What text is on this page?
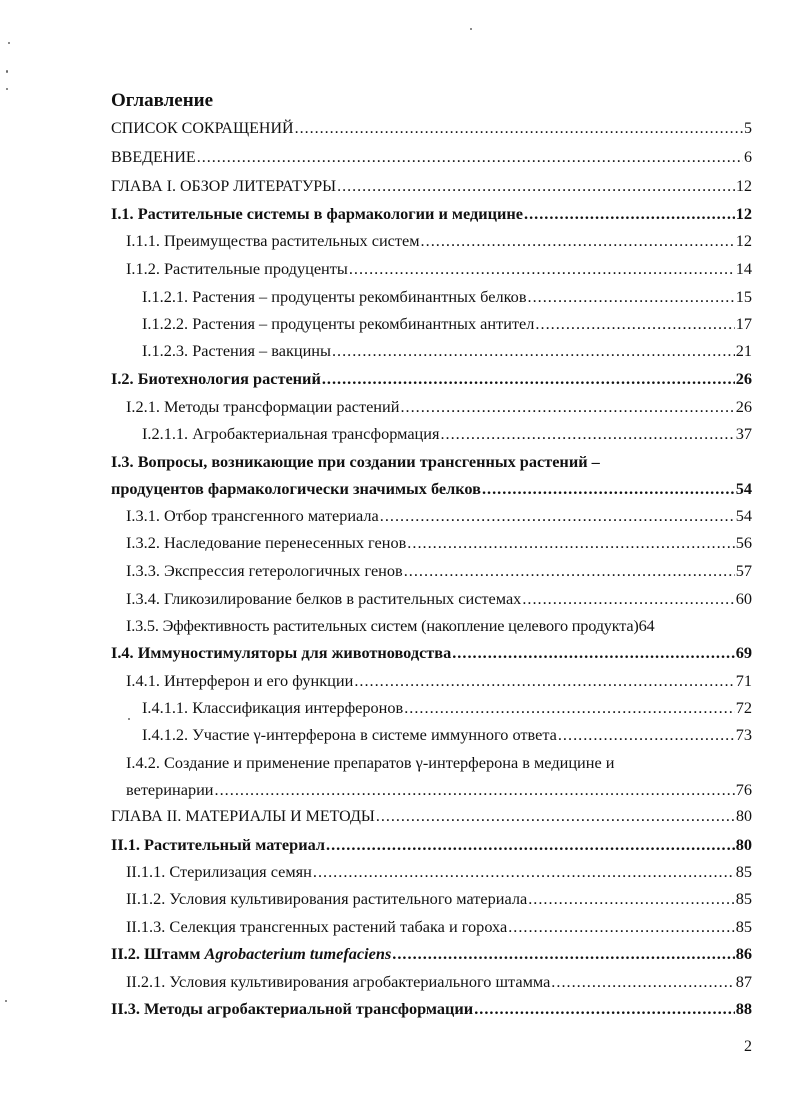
Оглавление
СПИСОК СОКРАЩЕНИЙ .....	5
ВВЕДЕНИЕ .....	6
ГЛАВА I. ОБЗОР ЛИТЕРАТУРЫ .....	12
I.1. Растительные системы в фармакологии и медицине .....	12
I.1.1. Преимущества растительных систем .....	12
I.1.2. Растительные продуценты .....	14
I.1.2.1. Растения – продуценты рекомбинантных белков .....	15
I.1.2.2. Растения – продуценты рекомбинантных антител .....	17
I.1.2.3. Растения – вакцины .....	21
I.2. Биотехнология растений .....	26
I.2.1. Методы трансформации растений .....	26
I.2.1.1. Агробактериальная трансформация .....	37
I.3. Вопросы, возникающие при создании трансгенных растений –
продуцентов фармакологически значимых белков .....	54
I.3.1. Отбор трансгенного материала .....	54
I.3.2. Наследование перенесенных генов .....	56
I.3.3. Экспрессия гетерологичных генов .....	57
I.3.4. Гликозилирование белков в растительных системах .....	60
I.3.5. Эффективность растительных систем (накопление целевого продукта) 64
I.4. Иммуностимуляторы для животноводства .....	69
I.4.1. Интерферон и его функции .....	71
I.4.1.1. Классификация интерферонов .....	72
I.4.1.2. Участие γ-интерферона в системе иммунного ответа .....	73
I.4.2. Создание и применение препаратов γ-интерферона в медицине и
ветеринарии .....	76
ГЛАВА II. МАТЕРИАЛЫ И МЕТОДЫ .....	80
II.1. Растительный материал .....	80
II.1.1. Стерилизация семян .....	85
II.1.2. Условия культивирования растительного материала .....	85
II.1.3. Селекция трансгенных растений табака и гороха .....	85
II.2. Штамм Agrobacterium tumefaciens .....	86
II.2.1. Условия культивирования агробактериального штамма .....	87
II.3. Методы агробактериальной трансформации .....	88
2
